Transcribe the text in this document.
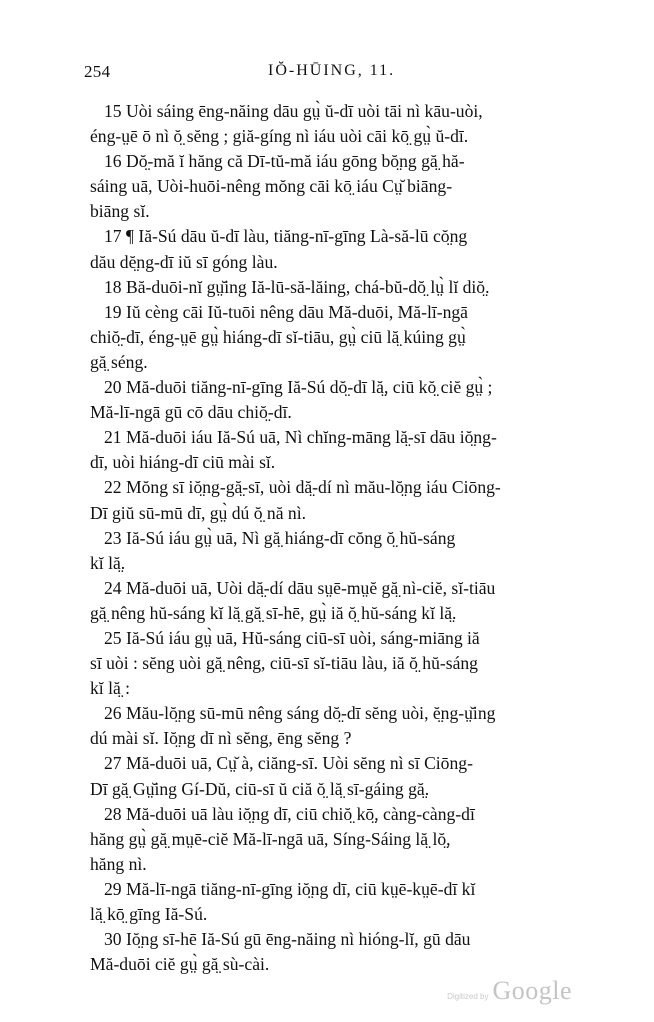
254	IŎ-HŪING, 11.
15 Uòi sáing ēng-năing dāu gṳ̀ ŭ-dī uòi tāi nì kāu-uòi,
éng-ṳē ō nì ŏ̤ sĕng ; giă-gíng nì iáu uòi cāi kō̤ gṳ̀ ŭ-dī.
16 Dŏ̤-mă ĭ hăng că Dī-tŭ-mă iáu gōng bŏ̤ng gă̤ hă-
sáing uā, Uòi-huōi-nêng mŏng cāi kō̤ iáu Cṳ̆ biāng-
biāng sĭ.
17 ¶ Iă-Sú dāu ŭ-dī làu, tiăng-nī-gīng Là-să-lū cŏ̤ng
dău dĕ̤ng-dī iŭ sī góng làu.
18 Bă-duōi-nĭ gṳ̆ing Iă-lū-să-lăing, chá-bŭ-dŏ̤ lṳ̀ lĭ diŏ̤.
19 Iŭ cèng cāi Iŭ-tuōi nêng dāu Mă-duōi, Mă-lī-ngā
chiŏ̤-dī, éng-ṳē gṳ̀ hiáng-dī sĭ-tiāu, gṳ̀ ciū lă̤ kúing gṳ̀
gă̤ séng.
20 Mă-duōi tiăng-nī-gīng Iă-Sú dŏ̤-dī lă̤, ciū kŏ̤ ciĕ gṳ̀ ;
Mă-lī-ngā gū cō dāu chiŏ̤-dī.
21 Mă-duōi iáu Iă-Sú uā, Nì chĭng-māng lă̤-sī dāu iŏ̤ng-
dī, uòi hiáng-dī ciū mài sĭ.
22 Mŏng sī iŏ̤ng-gă̤-sī, uòi dă̤-dí nì mău-lŏ̤ng iáu Ciōng-
Dī giŭ sū-mū dī, gṳ̀ dú ŏ̤ nă nì.
23 Iă-Sú iáu gṳ̀ uā, Nì gă̤ hiáng-dī cŏng ŏ̤ hŭ-sáng
kĭ lă̤.
24 Mă-duōi uā, Uòi dă̤-dí dāu sṳē-mṳĕ gă̤ nì-ciĕ, sĭ-tiāu
gă̤ nêng hŭ-sáng kĭ lă̤ gă̤ sī-hē, gṳ̀ iă ŏ̤ hŭ-sáng kĭ lă̤.
25 Iă-Sú iáu gṳ̀ uā, Hŭ-sáng ciū-sī uòi, sáng-miāng iă
sī uòi : sĕng uòi gă̤ nêng, ciū-sī sĭ-tiāu làu, iă ŏ̤ hŭ-sáng
kĭ lă̤ :
26 Mău-lŏ̤ng sū-mū nêng sáng dŏ̤-dī sĕng uòi, ĕ̤ng-ṳ̆ing
dú mài sĭ. Iŏ̤ng dī nì sĕng, ēng sĕng ?
27 Mă-duōi uā, Cṳ̆ à, ciăng-sī. Uòi sĕng nì sī Ciōng-
Dī gă̤ Gṳ̆ing Gí-Dŭ, ciū-sī ŭ ciă ŏ̤ lă̤ sī-gáing gă̤.
28 Mă-duōi uā làu iŏ̤ng dī, ciū chiŏ̤ kō̤, càng-càng-dī
hăng gṳ̀ gă̤ mṳē-ciĕ Mă-lī-ngā uā, Síng-Sáing lă̤ lŏ̤,
hăng nì.
29 Mă-lī-ngā tiăng-nī-gīng iŏ̤ng dī, ciū kṳē-kṳē-dī kĭ
lă̤ kō̤ gīng Iă-Sú.
30 Iŏ̤ng sī-hē Iă-Sú gū ēng-năing nì hióng-lĭ, gū dāu
Mă-duōi ciĕ gṳ̀ gă̤ sù-cài.
Digitized by Google
